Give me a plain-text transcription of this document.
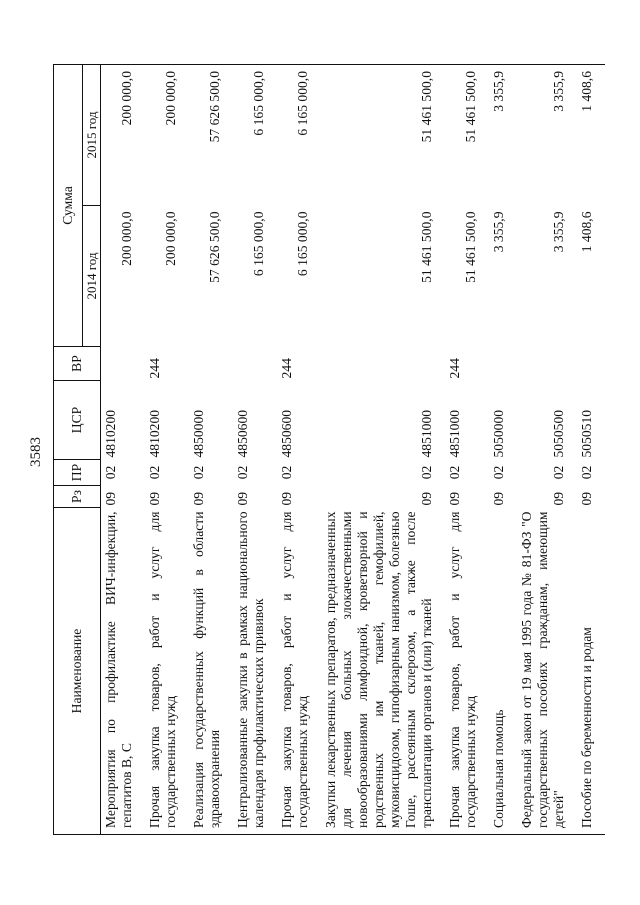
3583
Наименование	Рз	ПР	ЦСР	ВР	Сумма	
					2014 год	2015 год
Мероприятия по профилактике ВИЧ-инфекции, гепатитов В, С	09	02	4810200		200 000,0	200 000,0
Прочая закупка товаров, работ и услуг для государственных нужд	09	02	4810200	244	200 000,0	200 000,0
Реализация государственных функций в области здравоохранения	09	02	4850000		57 626 500,0	57 626 500,0
Централизованные закупки в рамках национального календаря профилактических прививок	09	02	4850600		6 165 000,0	6 165 000,0
Прочая закупка товаров, работ и услуг для государственных нужд	09	02	4850600	244	6 165 000,0	6 165 000,0
Закупки лекарственных препаратов, предназначенных для лечения больных злокачественными новообразованиями лимфоидной, кроветворной и родственных им тканей, гемофилией, муковисцидозом, гипофизарным нанизмом, болезнью Гоше, рассеянным склерозом, а также после трансплантации органов и (или) тканей	09	02	4851000		51 461 500,0	51 461 500,0
Прочая закупка товаров, работ и услуг для государственных нужд	09	02	4851000	244	51 461 500,0	51 461 500,0
Социальная помощь	09	02	5050000		3 355,9	3 355,9
Федеральный закон от 19 мая 1995 года № 81-ФЗ "О государственных пособиях гражданам, имеющим детей"	09	02	5050500		3 355,9	3 355,9
Пособие по беременности и родам	09	02	5050510		1 408,6	1 408,6
